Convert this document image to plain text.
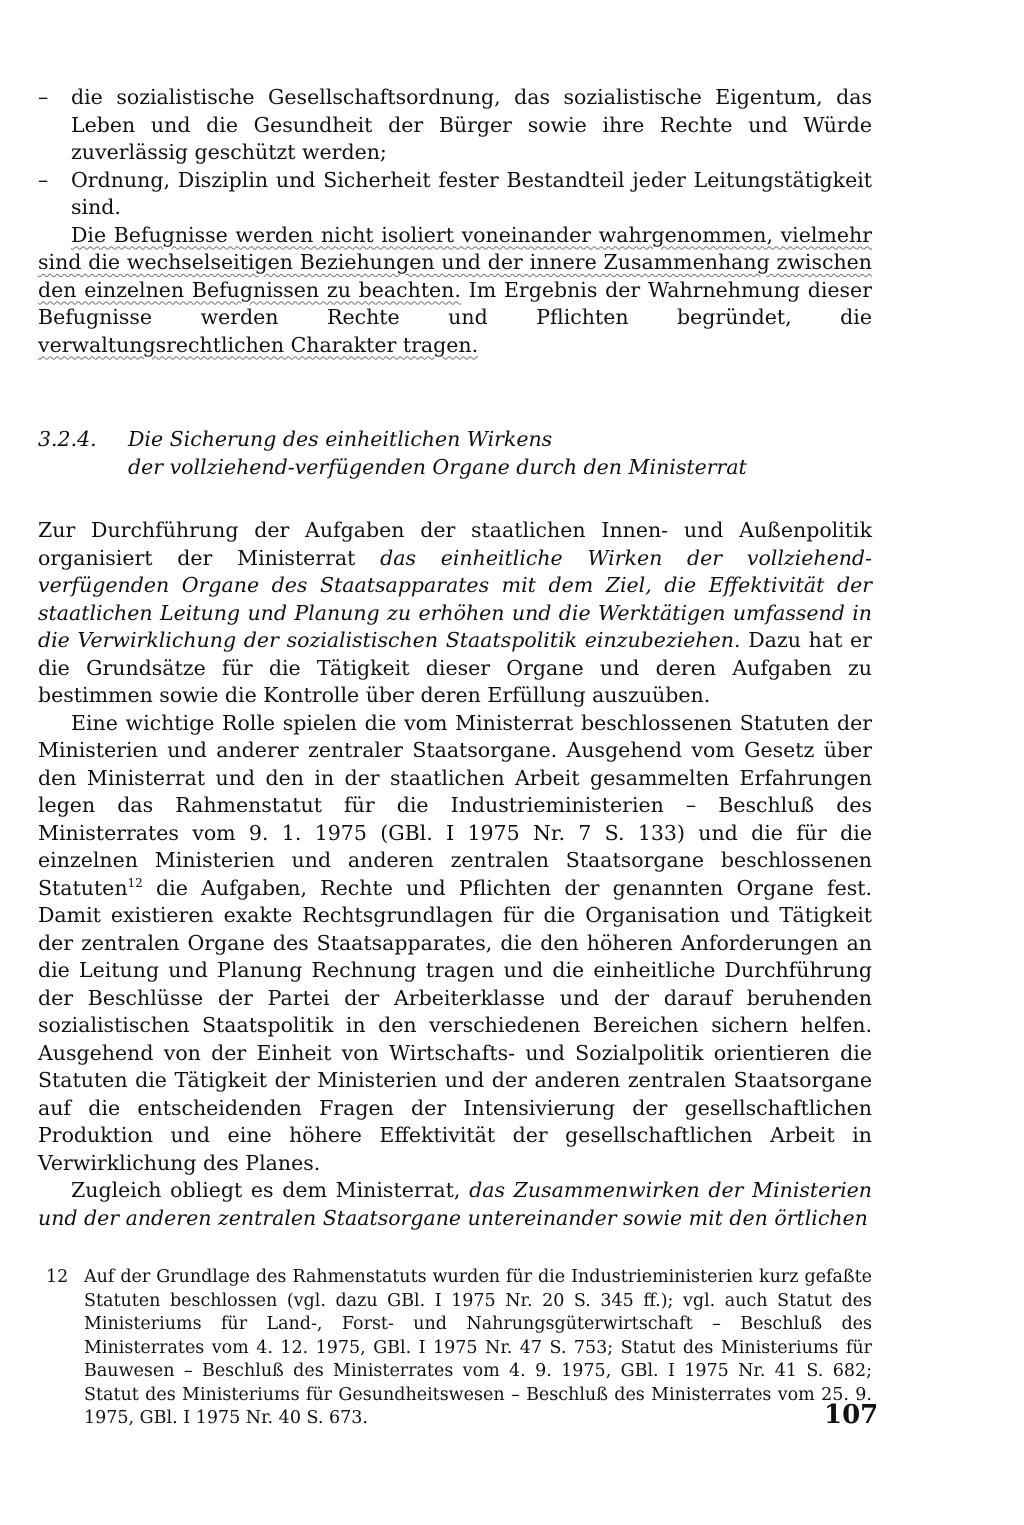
– die sozialistische Gesellschaftsordnung, das sozialistische Eigentum, das Leben und die Gesundheit der Bürger sowie ihre Rechte und Würde zuverlässig geschützt werden;
– Ordnung, Disziplin und Sicherheit fester Bestandteil jeder Leitungstätigkeit sind.

Die Befugnisse werden nicht isoliert voneinander wahrgenommen, vielmehr sind die wechselseitigen Beziehungen und der innere Zusammenhang zwischen den einzelnen Befugnissen zu beachten. Im Ergebnis der Wahrnehmung dieser Befugnisse werden Rechte und Pflichten begründet, die verwaltungsrechtlichen Charakter tragen.

3.2.4.	Die Sicherung des einheitlichen Wirkens
der vollziehend-verfügenden Organe durch den Ministerrat

Zur Durchführung der Aufgaben der staatlichen Innen- und Außenpolitik organisiert der Ministerrat das einheitliche Wirken der vollziehend-verfügenden Organe des Staatsapparates mit dem Ziel, die Effektivität der staatlichen Leitung und Planung zu erhöhen und die Werktätigen umfassend in die Verwirklichung der sozialistischen Staatspolitik einzubeziehen. Dazu hat er die Grundsätze für die Tätigkeit dieser Organe und deren Aufgaben zu bestimmen sowie die Kontrolle über deren Erfüllung auszuüben.

Eine wichtige Rolle spielen die vom Ministerrat beschlossenen Statuten der Ministerien und anderer zentraler Staatsorgane. Ausgehend vom Gesetz über den Ministerrat und den in der staatlichen Arbeit gesammelten Erfahrungen legen das Rahmenstatut für die Industrieministerien – Beschluß des Ministerrates vom 9. 1. 1975 (GBl. I 1975 Nr. 7 S. 133) und die für die einzelnen Ministerien und anderen zentralen Staatsorgane beschlossenen Statuten$^{12}$ die Aufgaben, Rechte und Pflichten der genannten Organe fest. Damit existieren exakte Rechtsgrundlagen für die Organisation und Tätigkeit der zentralen Organe des Staatsapparates, die den höheren Anforderungen an die Leitung und Planung Rechnung tragen und die einheitliche Durchführung der Beschlüsse der Partei der Arbeiterklasse und der darauf beruhenden sozialistischen Staatspolitik in den verschiedenen Bereichen sichern helfen. Ausgehend von der Einheit von Wirtschafts- und Sozialpolitik orientieren die Statuten die Tätigkeit der Ministerien und der anderen zentralen Staatsorgane auf die entscheidenden Fragen der Intensivierung der gesellschaftlichen Produktion und eine höhere Effektivität der gesellschaftlichen Arbeit in Verwirklichung des Planes.

Zugleich obliegt es dem Ministerrat, das Zusammenwirken der Ministerien und der anderen zentralen Staatsorgane untereinander sowie mit den örtlichen

12 Auf der Grundlage des Rahmenstatuts wurden für die Industrieministerien kurz gefaßte Statuten beschlossen (vgl. dazu GBl. I 1975 Nr. 20 S. 345 ff.); vgl. auch Statut des Ministeriums für Land-, Forst- und Nahrungsgüterwirtschaft – Beschluß des Ministerrates vom 4. 12. 1975, GBl. I 1975 Nr. 47 S. 753; Statut des Ministeriums für Bauwesen – Beschluß des Ministerrates vom 4. 9. 1975, GBl. I 1975 Nr. 41 S. 682; Statut des Ministeriums für Gesundheitswesen – Beschluß des Ministerrates vom 25. 9. 1975, GBl. I 1975 Nr. 40 S. 673.	107
